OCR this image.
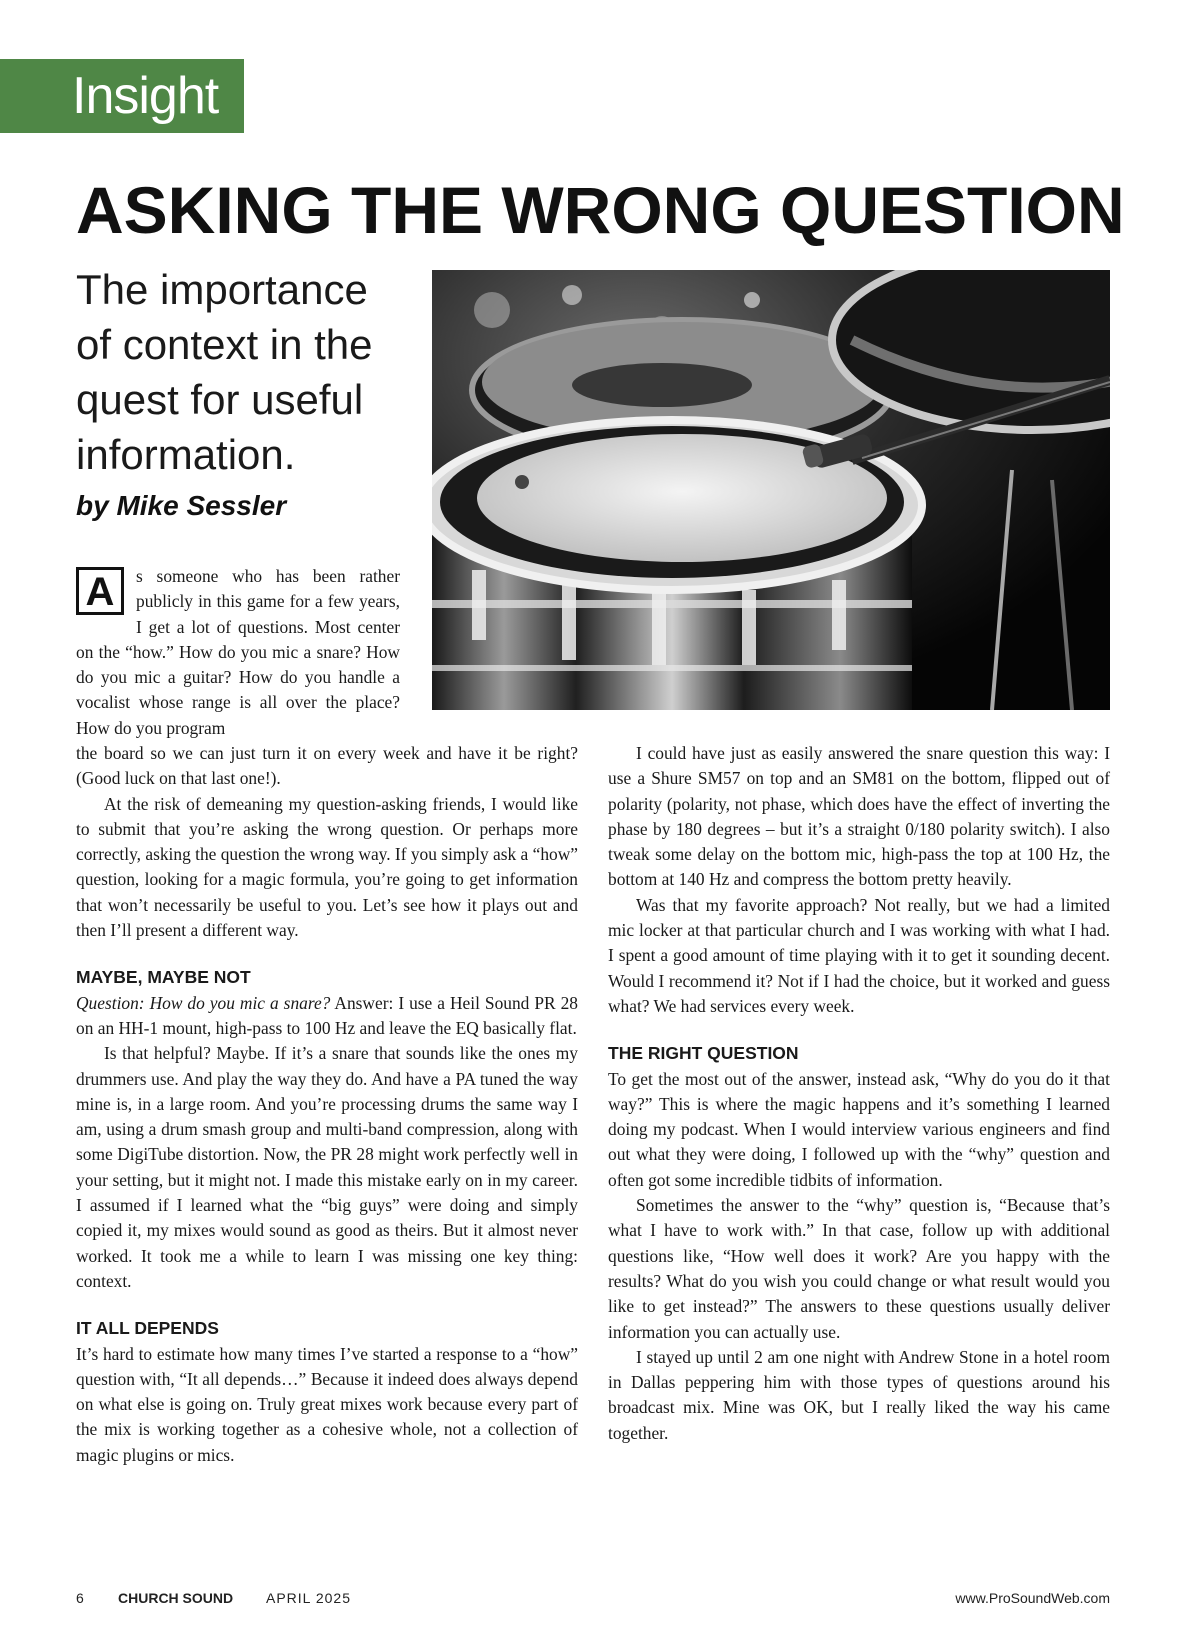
Insight
ASKING THE WRONG QUESTION
The importance of context in the quest for useful information.
by Mike Sessler
A	s someone who has been rather publicly in this game for a few years, I get a lot of questions. Most center on the “how.” How do you mic a snare? How do you mic a guitar? How do you handle a vocalist whose range is all over the place? How do you program

the board so we can just turn it on every week and have it be right? (Good luck on that last one!).

At the risk of demeaning my question-asking friends, I would like to submit that you’re asking the wrong question. Or perhaps more correctly, asking the question the wrong way. If you simply ask a “how” question, looking for a magic formula, you’re going to get information that won’t necessarily be useful to you. Let’s see how it plays out and then I’ll present a different way.

MAYBE, MAYBE NOT

Question: How do you mic a snare? Answer: I use a Heil Sound PR 28 on an HH-1 mount, high-pass to 100 Hz and leave the EQ basically flat.

Is that helpful? Maybe. If it’s a snare that sounds like the ones my drummers use. And play the way they do. And have a PA tuned the way mine is, in a large room. And you’re processing drums the same way I am, using a drum smash group and multi-band compression, along with some DigiTube distortion. Now, the PR 28 might work perfectly well in your setting, but it might not. I made this mistake early on in my career. I assumed if I learned what the “big guys” were doing and simply copied it, my mixes would sound as good as theirs. But it almost never worked. It took me a while to learn I was missing one key thing: context.

IT ALL DEPENDS

It’s hard to estimate how many times I’ve started a response to a “how” question with, “It all depends…” Because it indeed does always depend on what else is going on. Truly great mixes work because every part of the mix is working together as a cohesive whole, not a collection of magic plugins or mics.

I could have just as easily answered the snare question this way: I use a Shure SM57 on top and an SM81 on the bottom, flipped out of polarity (polarity, not phase, which does have the effect of inverting the phase by 180 degrees – but it’s a straight 0/180 polarity switch). I also tweak some delay on the bottom mic, high-pass the top at 100 Hz, the bottom at 140 Hz and compress the bottom pretty heavily.

Was that my favorite approach? Not really, but we had a limited mic locker at that particular church and I was working with what I had. I spent a good amount of time playing with it to get it sounding decent. Would I recommend it? Not if I had the choice, but it worked and guess what? We had services every week.

THE RIGHT QUESTION

To get the most out of the answer, instead ask, “Why do you do it that way?” This is where the magic happens and it’s something I learned doing my podcast. When I would interview various engineers and find out what they were doing, I followed up with the “why” question and often got some incredible tidbits of information.

Sometimes the answer to the “why” question is, “Because that’s what I have to work with.” In that case, follow up with additional questions like, “How well does it work? Are you happy with the results? What do you wish you could change or what result would you like to get instead?” The answers to these questions usually deliver information you can actually use.

I stayed up until 2 am one night with Andrew Stone in a hotel room in Dallas peppering him with those types of questions around his broadcast mix. Mine was OK, but I really liked the way his came together.

6 CHURCH SOUND APRIL 2025	www.ProSoundWeb.com
